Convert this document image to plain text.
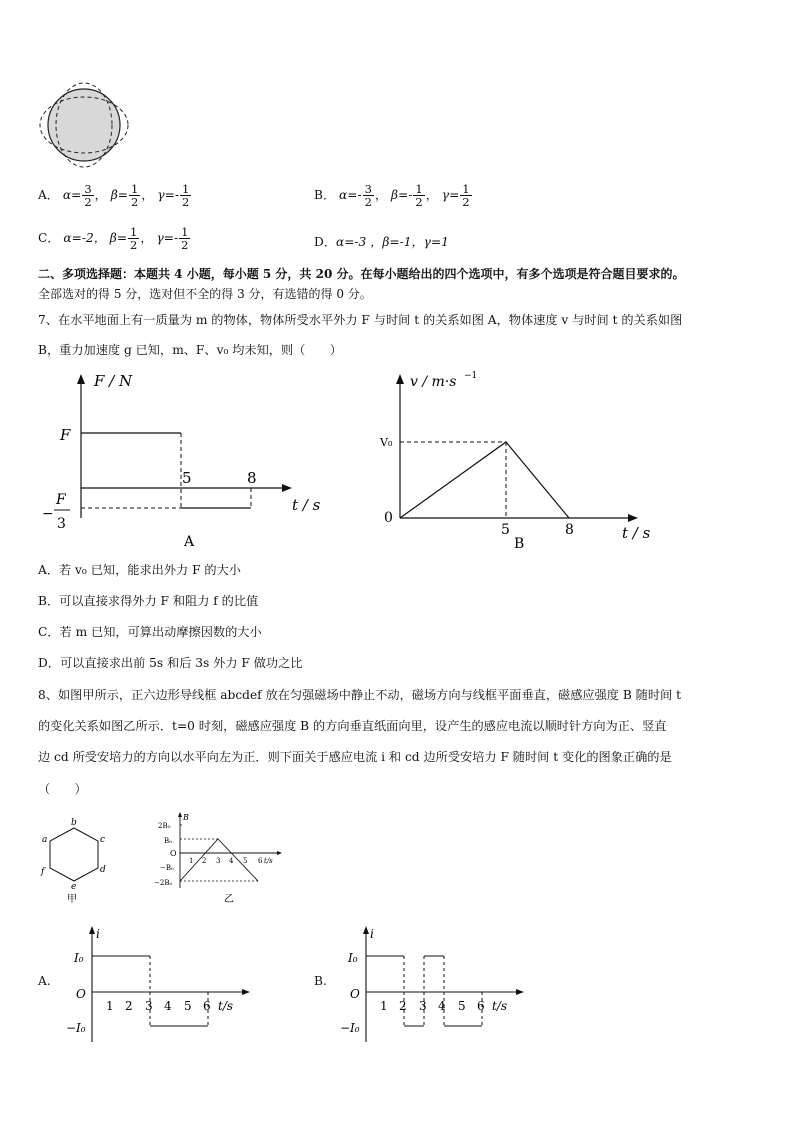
A． $\alpha= \frac{3}{2}$ ， $\beta= \frac{1}{2}$ ， $\gamma=- \frac{1}{2}$	B． $\alpha=- \frac{3}{2}$ ， $\beta=- \frac{1}{2}$ ， $\gamma= \frac{1}{2}$
C． α=-2， $\beta= \frac{1}{2}$ ， $\gamma=- \frac{1}{2}$	D．α=-3 ，β=-1，γ=1
二、多项选择题：本题共 4 小题，每小题 5 分，共 20 分。在每小题给出的四个选项中，有多个选项是符合题目要求的。
全部选对的得 5 分，选对但不全的得 3 分，有选错的得 0 分。
7、在水平地面上有一质量为 m 的物体，物体所受水平外力 F 与时间 t 的关系如图 A，物体速度 v 与时间 t 的关系如图
B，重力加速度 g 已知，m、F、v₀ 均未知，则（　　）
F / N
F
5	8
t / s
−
F
3
A
v / m·s −1
V₀
0
5	8	t / s
B
A．若 v₀ 已知，能求出外力 F 的大小
B．可以直接求得外力 F 和阻力 f 的比值
C．若 m 已知，可算出动摩擦因数的大小
D．可以直接求出前 5s 和后 3s 外力 F 做功之比
8、如图甲所示，正六边形导线框 abcdef 放在匀强磁场中静止不动，磁场方向与线框平面垂直，磁感应强度 B 随时间 t
的变化关系如图乙所示．t=0 时刻，磁感应强度 B 的方向垂直纸面向里，设产生的感应电流以顺时针方向为正、竖直
边 cd 所受安培力的方向以水平向左为正．则下面关于感应电流 i 和 cd 边所受安培力 F 随时间 t 变化的图象正确的是
（　　）
b
a	c
d
f
e
甲
B
2B₀
B₀
O
−B₀
−2B₀
1 2 3 4 5 6 t/s
乙
A.
i
I₀
O
−I₀
1 2 3 4 5 6 t/s
B.
i
I₀
O
−I₀
1 2 3 4 5 6 t/s
